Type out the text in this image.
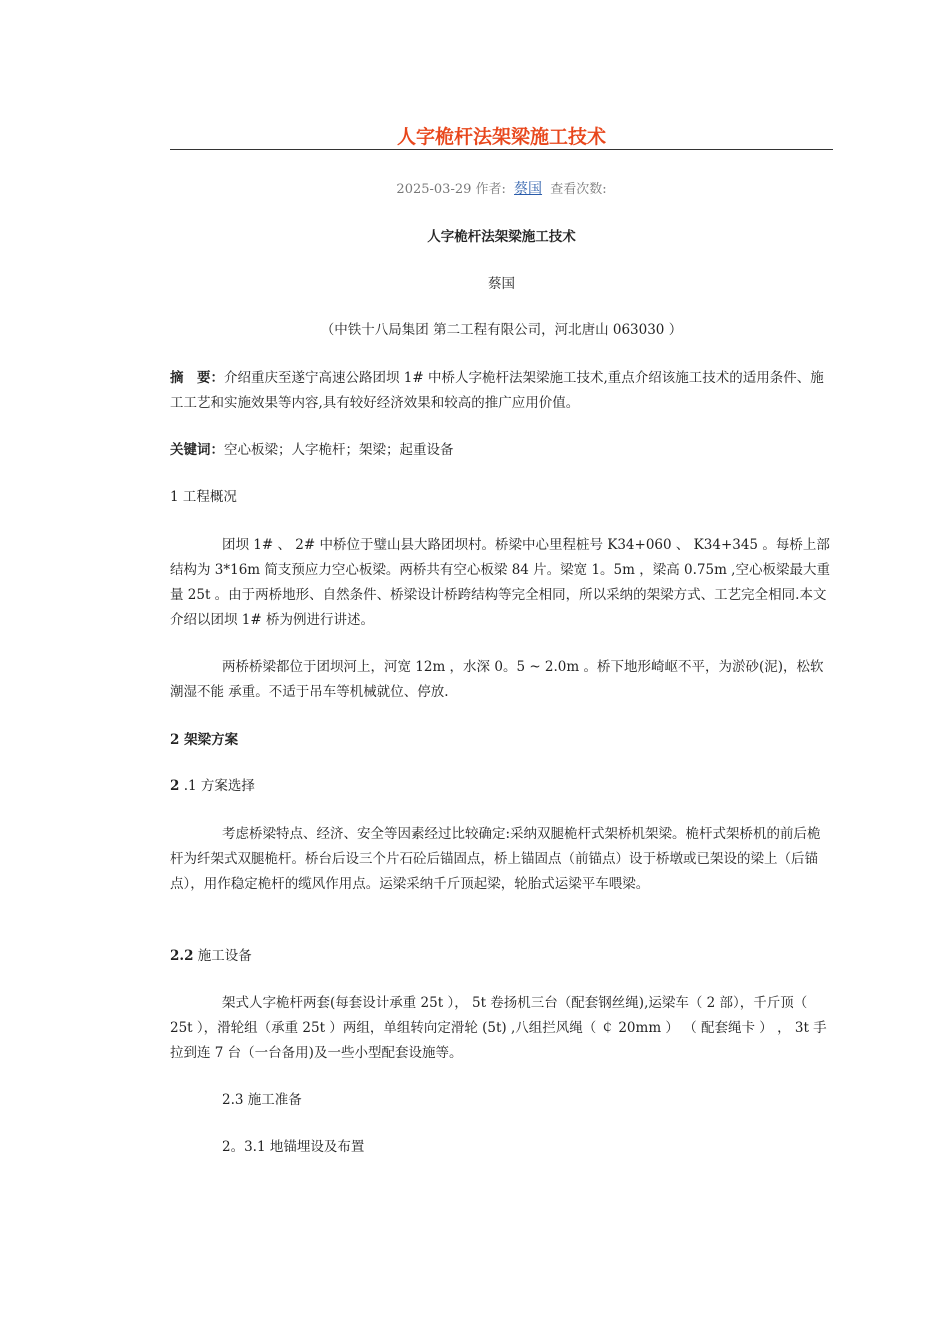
人字桅杆法架梁施工技术
2025-03-29 作者: 蔡国 查看次数:

人字桅杆法架梁施工技术

蔡国

（中铁十八局集团 第二工程有限公司，河北唐山 063030 ）

摘　要：介绍重庆至遂宁高速公路团坝 1# 中桥人字桅杆法架梁施工技术,重点介绍该施工技术的适用条件、施工工艺和实施效果等内容,具有较好经济效果和较高的推广应用价值。

关键词：空心板梁；人字桅杆；架梁；起重设备

1 工程概况

团坝 1# 、 2# 中桥位于璧山县大路团坝村。桥梁中心里程桩号 K34+060 、 K34+345 。每桥上部结构为 3*16m 简支预应力空心板梁。两桥共有空心板梁 84 片。梁宽 1。5m ，梁高 0.75m ,空心板梁最大重量 25t 。由于两桥地形、自然条件、桥梁设计桥跨结构等完全相同，所以采纳的架梁方式、工艺完全相同.本文介绍以团坝 1# 桥为例进行讲述。

两桥桥梁都位于团坝河上，河宽 12m ，水深 0。5 ~ 2.0m 。桥下地形崎岖不平，为淤砂(泥)，松软潮湿不能 承重。不适于吊车等机械就位、停放.

2 架梁方案

2 .1 方案选择

考虑桥梁特点、经济、安全等因素经过比较确定:采纳双腿桅杆式架桥机架梁。桅杆式架桥机的前后桅杆为纤架式双腿桅杆。桥台后设三个片石砼后锚固点，桥上锚固点（前锚点）设于桥墩或已架设的梁上（后锚点），用作稳定桅杆的缆风作用点。运梁采纳千斤顶起梁，轮胎式运梁平车喂梁。

2.2 施工设备

架式人字桅杆两套(每套设计承重 25t ）， 5t 卷扬机三台（配套钢丝绳),运梁车（ 2 部），千斤顶（ 25t ），滑轮组（承重 25t ）两组，单组转向定滑轮 (5t) ,八组拦风绳（ ￠ 20mm ） （ 配套绳卡 ） ， 3t 手拉到连 7 台（一台备用)及一些小型配套设施等。

2.3 施工准备

2。3.1 地锚埋设及布置
